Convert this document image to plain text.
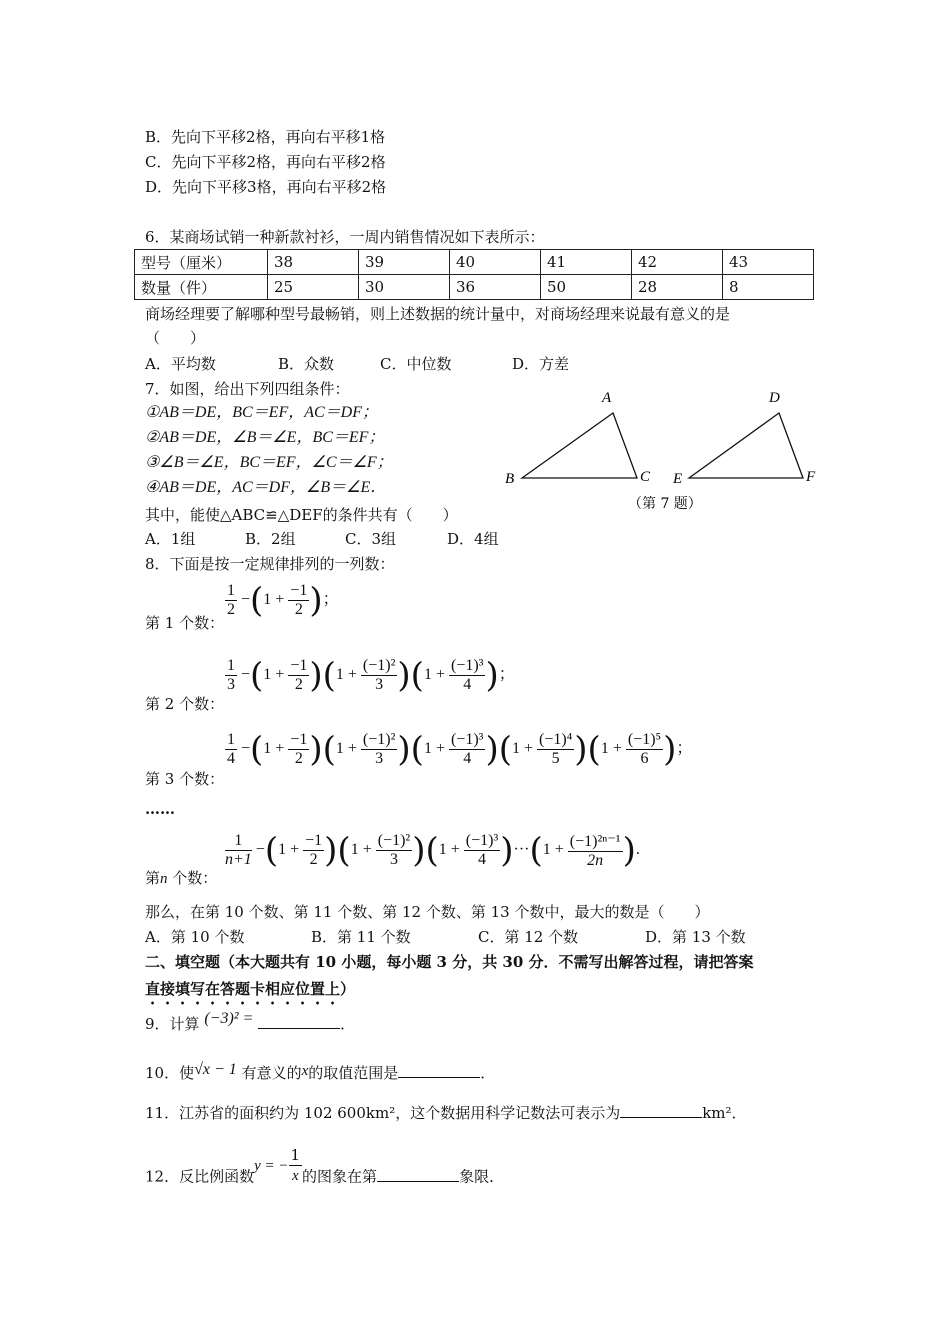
B．先向下平移2格，再向右平移1格
C．先向下平移2格，再向右平移2格
D．先向下平移3格，再向右平移2格
6．某商场试销一种新款衬衫，一周内销售情况如下表所示：
型号（厘米）	38	39	40	41	42	43
数量（件）	25	30	36	50	28	8
商场经理要了解哪种型号最畅销，则上述数据的统计量中，对商场经理来说最有意义的是
（　　）
A．平均数	B．众数	C．中位数	D．方差
7．如图，给出下列四组条件：
①AB＝DE，BC＝EF，AC＝DF；
②AB＝DE，∠B＝∠E，BC＝EF；
③∠B＝∠E，BC＝EF，∠C＝∠F；
④AB＝DE，AC＝DF，∠B＝∠E．
其中，能使△ABC≌△DEF的条件共有（　　）
A．1组	B．2组	C．3组	D．4组
A
B	C
D
E	F
（第 7 题）
8．下面是按一定规律排列的一列数：
第 1 个数：
$\frac{1}{2} -(1 + \frac{-1}{2}$ )；
第 2 个数：
$\frac{1}{3} -(1 + \frac{-1}{2} )(1 + \frac{\text{(−1)²}}{3} )(1 + \frac{\text{(−1)³}}{4}$ )；
第 3 个数：
$\frac{1}{4} -(1 + \frac{-1}{2} )(1 + \frac{\text{(−1)²}}{3} )(1 + \frac{\text{(−1)³}}{4} )(1 + \frac{\text{(−1)⁴}}{5} )(1 + \frac{\text{(−1)⁵}}{6}$ )；
……
第n 个数：
$\frac{1}{n+1} -(1 + \frac{-1}{2} )(1 + \frac{\text{(−1)²}}{3} )(1 + \frac{\text{(−1)³}}{4} )\cdot\cdot\cdot(1 + \frac{\text{(−1)²ⁿ⁻¹}}{2n}$ ).
那么，在第 10 个数、第 11 个数、第 12 个数、第 13 个数中，最大的数是（　　）
A．第 10 个数	B．第 11 个数	C．第 12 个数	D．第 13 个数
二、填空题（本大题共有 10 小题，每小题 3 分，共 30 分．不需写出解答过程，请把答案
直接填写在答题卡相应位置上）
9．计算 (−3)² =	．
10．使√x − 1 有意义的x的取值范围是	．
11．江苏省的面积约为 102 600km²，这个数据用科学记数法可表示为	km²．
12．反比例函数y = − $\frac{1}{x}$ 的图象在第	象限．
